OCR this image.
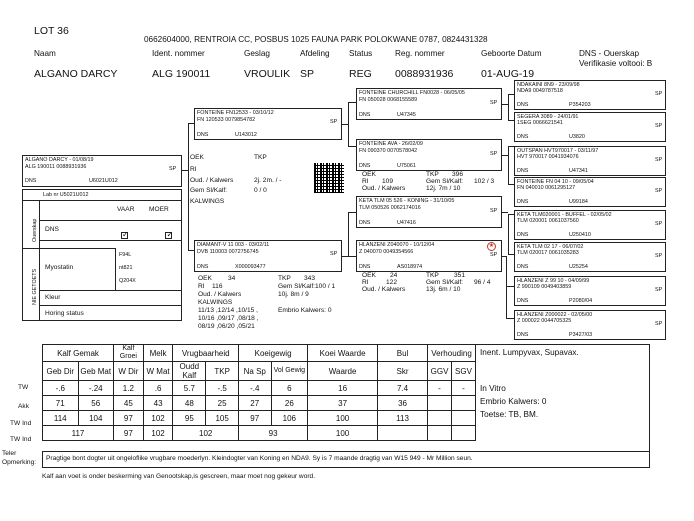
LOT 36
0662604000, RENTROIA CC, POSBUS 1025 FAUNA PARK POLOKWANE 0787, 0824431328
Naam	Ident. nommer	Geslag	Afdeling Status	Reg. nommer	Geboorte Datum	DNS - Ouerskap
Verifikasie voltooi: B
ALGANO DARCY	ALG 190011	VROULIK SP	REG 0088931936	01-AUG-19
ALGANO DARCY - 01/08/19
ALG 190011 0088931936	SP
DNS	U6021U012
Lab nr U5021U012
VAAR MOER
DNS
✓ ✓
Ouerskap
NIE GETOETS
Myostatin
F94L
nt821
Q204X
Kleur
Horing status
FONTEINE FN12533 - 03/10/12
FN 120533 0079854782	SP
DNS	U143012
OEK	TKP
RI
Oud. / Kalwers	2j. 2m. / -
Gem Sl/Kalf:	0 / 0
KALWINGS
DIAMANT-V 11 003 - 03/02/11
DVB 110003 0072756745	SP
DNS	X000093477
OEK 34	TKP 343
RI 116	Gem Sl/Kalf:100 / 1
Oud. / Kalwers	10j. 8m / 9
KALWINGS
11/13 ,12/14 ,10/15 ,
10/16 ,09/17 ,08/18 ,
08/19 ,06/20 ,05/21
Embrio Kalwers: 0
FONTEINE CHURCHILL FN0028 - 06/05/05
FN 050028 0068155589	SP
DNS	U47345
FONTEINE AVA - 26/02/09
FN 090370 0070578042	SP
DNS	U75061
OEK	TKP 396
RI 109	Gem Sl/Kalf: 102 / 3
Oud. / Kalwers	12j. 7m / 10
KETA TLM 05 526 - KONING - 31/10/05
TLM 050526 0062174016	SP
DNS	U47416
HLANZENI Z040070 - 10/12/04
Z 040070 0049354566	SP
DNS	AS018974
★
OEK 24	TKP 351
RI	122	Gem Sl/Kalf: 96 / 4
Oud. / Kalwers	13j. 6m / 10
NDAKAINI 8N9 - 23/09/98
NDA9 0049787518	SP
DNS	P354203
SEGERA 3089 - 24/01/91
1SEG 0066621541	SP
DNS	U3820
OUTSPAN HVT970017 - 03/11/97
HVT 970017 0041934076	SP
DNS	U47341
FONTEINE FN 04 10 - 09/05/04
FN 040010 0061295127	SP
DNS	U99184
KETA TLM020001 - BUFFEL - 02/05/02
TLM 020001 0061037560	SP
DNS	U250410
KETA TLM 02 17 - 06/07/02
TLM 020017 0061035283	SP
DNS	U25254
HLANZENI Z 99 10 - 04/09/99
Z 990109 0049403859	SP
DNS	P2080/04
HLANZENI Z000022 - 02/05/00
Z 000022 0044705325	SP
DNS	P3427/03
Kalf Gemak		Kalf Groei	Melk	Vrugbaarheid		Koeigewig		Koei Waarde	Bul	Verhouding	
Geb Dir	Geb Mat	W Dir	W Mat	Oudd Kalf	TKP	Na Sp	Vol Gewig	Waarde	Skr	GGV	SGV
-.6	-.24	1.2	.6	5.7	-.5	-.4	6	16	7.4	-	-
71	56	45	43	48	25	27	26	37	36		
114	104	97	102	95	105	97	106	100	113		
117		97	102	102		93		100			
TW
Akk
TW Ind
TW Ind
Inent. Lumpyvax, Supavax.
In Vitro
Embrio Kalwers: 0
Toetse: TB, BM.
Teler
Opmerking:
Pragtige bont dogter uit ongeloflike vrugbare moederlyn. Kleindogter van Koning en NDA9. Sy is 7 maande dragtig van W15 949 - Mr Million seun.
Kalf aan voet is onder beskerming van Genootskap,is gescreen, maar moet nog gekeur word.
